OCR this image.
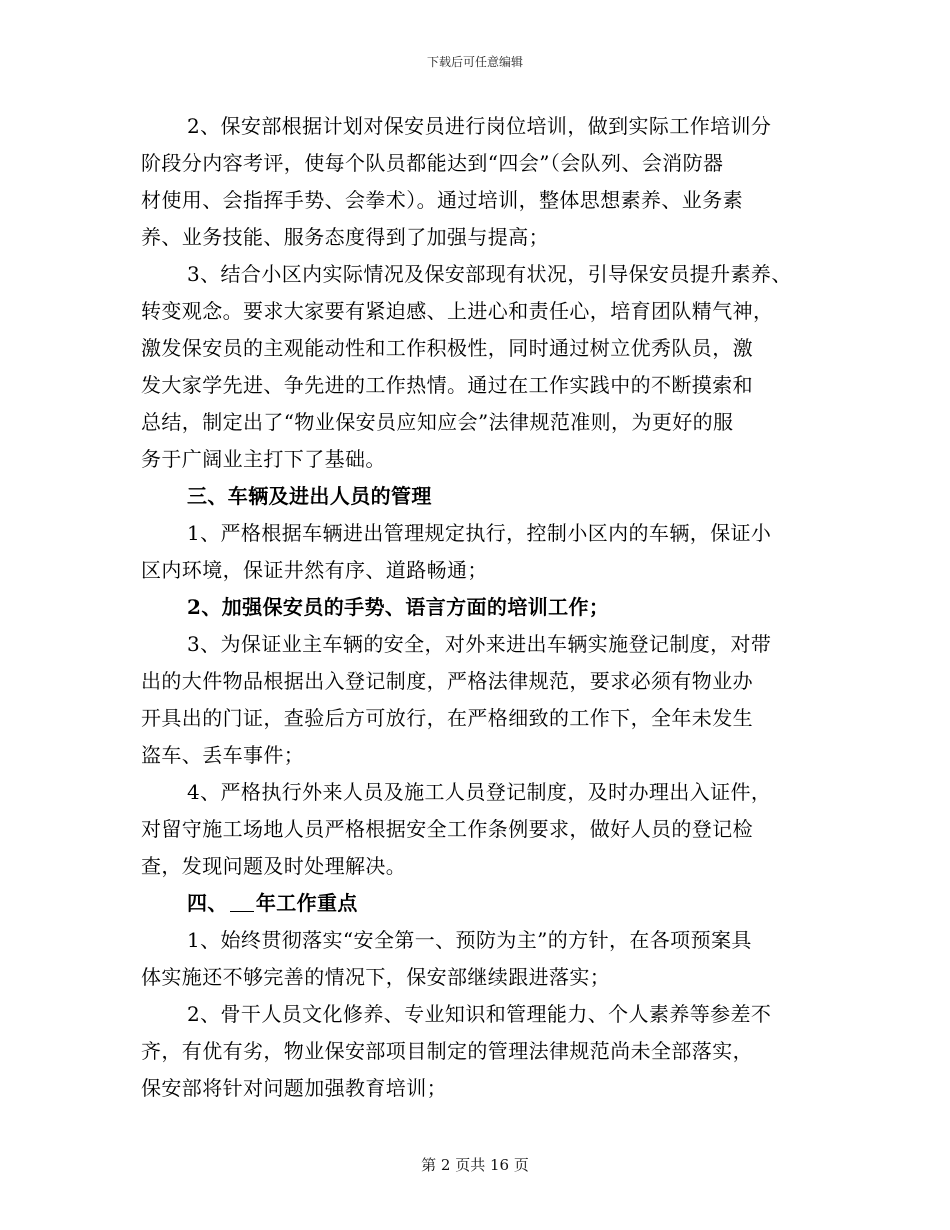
下载后可任意编辑
2、保安部根据计划对保安员进行岗位培训，做到实际工作培训分
阶段分内容考评，使每个队员都能达到“四会”（会队列、会消防器
材使用、会指挥手势、会拳术）。通过培训，整体思想素养、业务素
养、业务技能、服务态度得到了加强与提高；
3、结合小区内实际情况及保安部现有状况，引导保安员提升素养、
转变观念。要求大家要有紧迫感、上进心和责任心，培育团队精气神，
激发保安员的主观能动性和工作积极性，同时通过树立优秀队员，激
发大家学先进、争先进的工作热情。通过在工作实践中的不断摸索和
总结，制定出了“物业保安员应知应会”法律规范准则，为更好的服
务于广阔业主打下了基础。
三、车辆及进出人员的管理
1、严格根据车辆进出管理规定执行，控制小区内的车辆，保证小
区内环境，保证井然有序、道路畅通；
2、加强保安员的手势、语言方面的培训工作；
3、为保证业主车辆的安全，对外来进出车辆实施登记制度，对带
出的大件物品根据出入登记制度，严格法律规范，要求必须有物业办
开具出的门证，查验后方可放行，在严格细致的工作下，全年未发生
盗车、丢车事件；
4、严格执行外来人员及施工人员登记制度，及时办理出入证件，
对留守施工场地人员严格根据安全工作条例要求，做好人员的登记检
查，发现问题及时处理解决。
四、 年工作重点
1、始终贯彻落实“安全第一、预防为主”的方针，在各项预案具
体实施还不够完善的情况下，保安部继续跟进落实；
2、骨干人员文化修养、专业知识和管理能力、个人素养等参差不
齐，有优有劣，物业保安部项目制定的管理法律规范尚未全部落实，
保安部将针对问题加强教育培训；
第 2 页共 16 页
